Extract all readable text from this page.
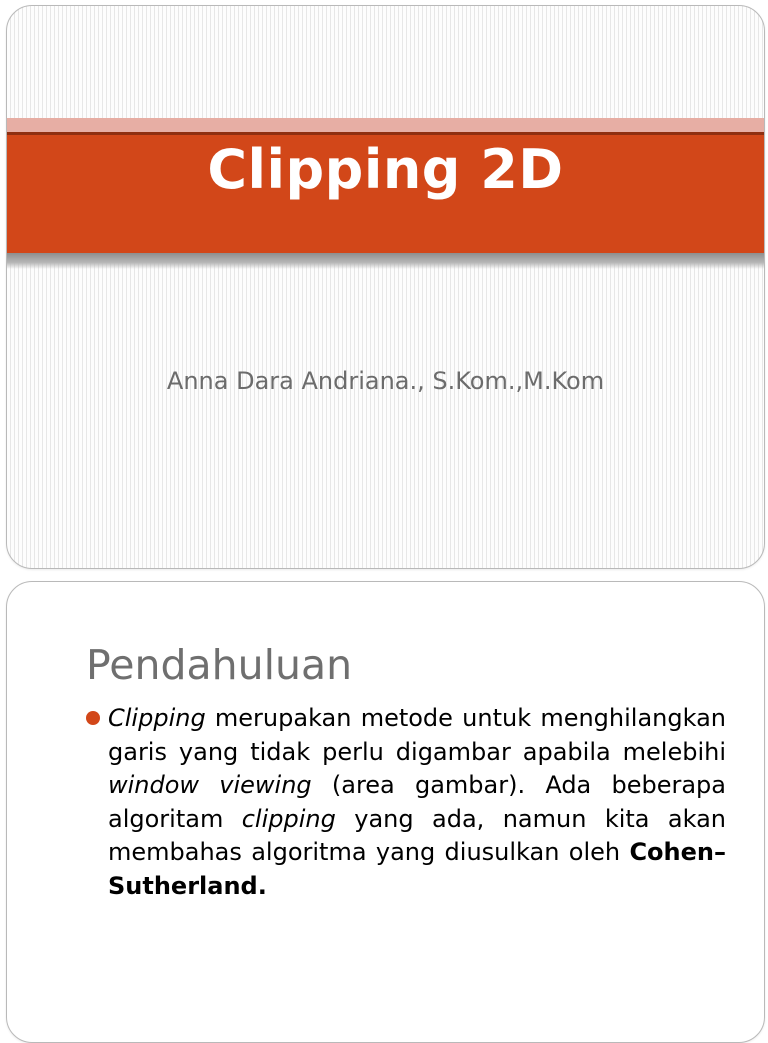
Clipping 2D
Anna Dara Andriana., S.Kom.,M.Kom
Pendahuluan
Clipping merupakan metode untuk menghilangkan garis yang tidak perlu digambar apabila melebihi window viewing (area gambar). Ada beberapa algoritam clipping yang ada, namun kita akan membahas algoritma yang diusulkan oleh Cohen–Sutherland.
